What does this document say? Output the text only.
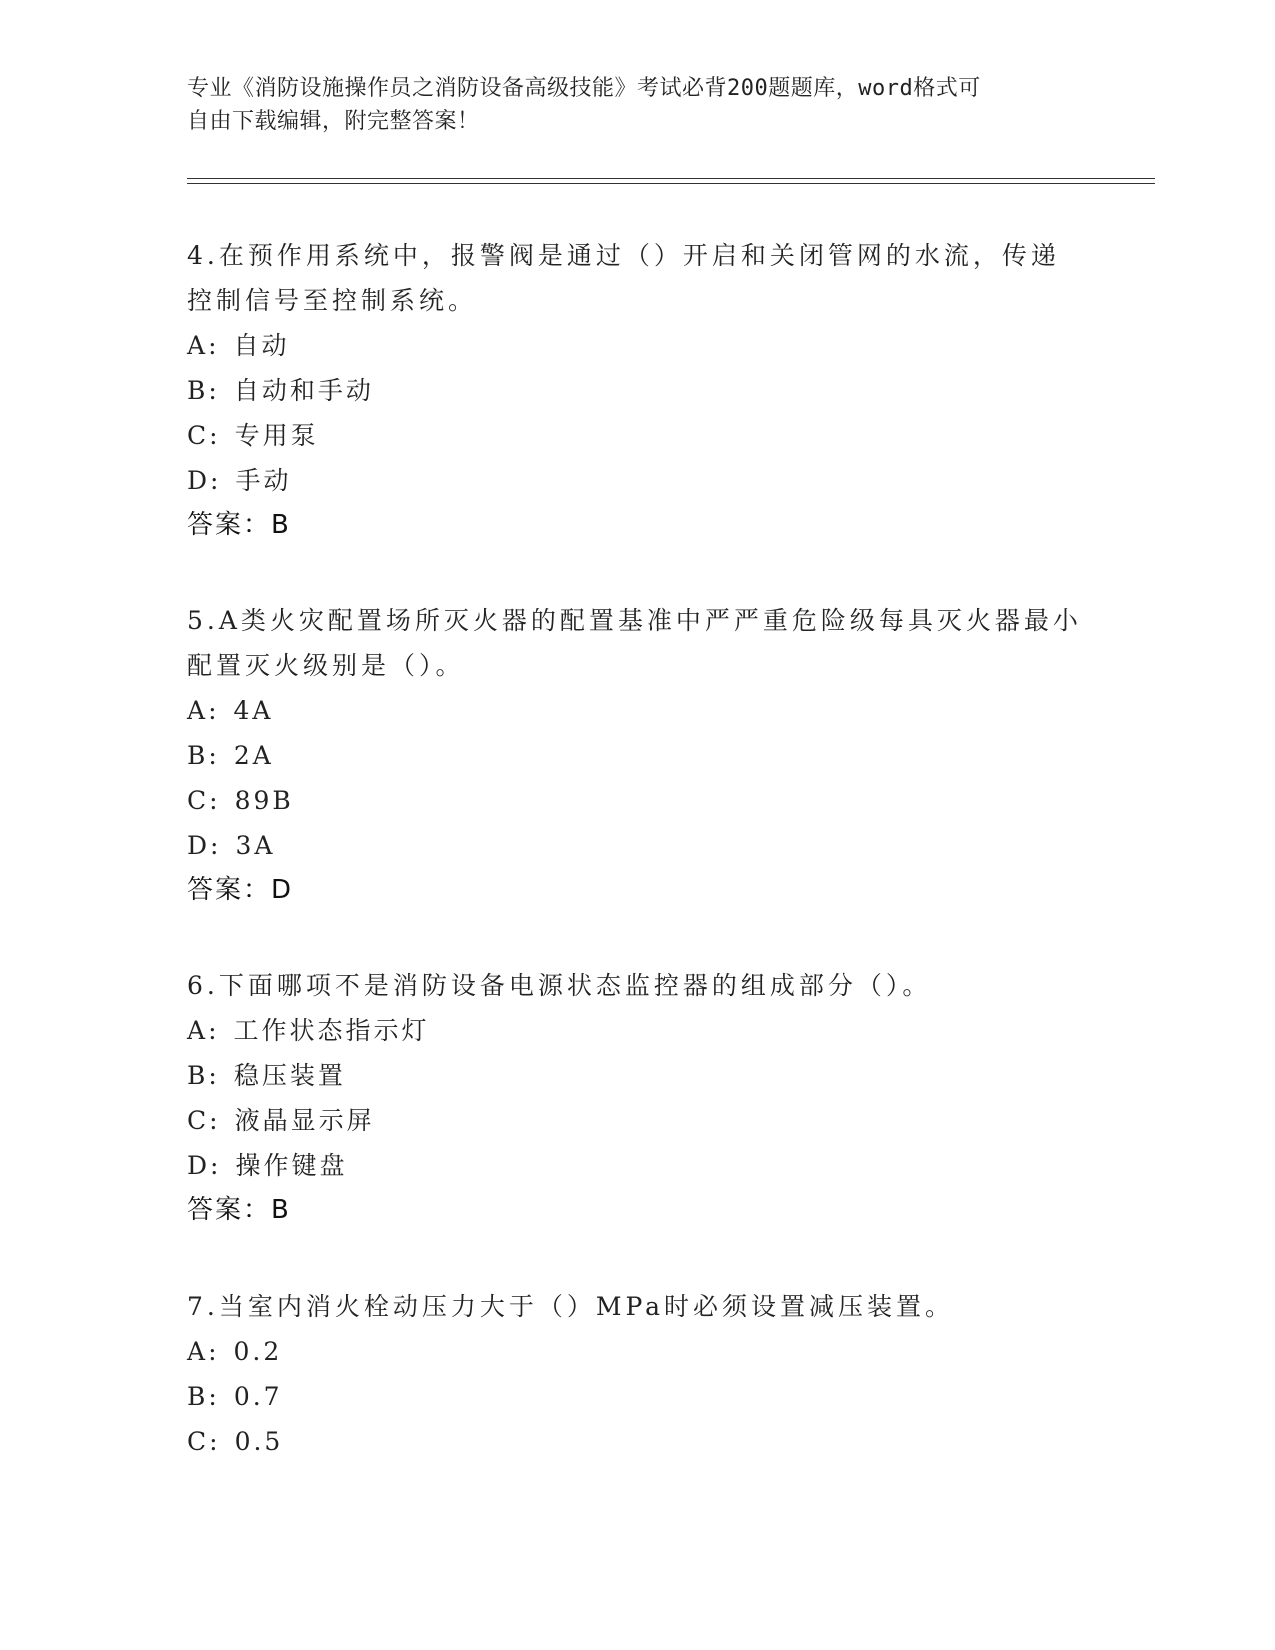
专业《消防设施操作员之消防设备高级技能》考试必背200题题库，word格式可
自由下载编辑，附完整答案！

4.在预作用系统中，报警阀是通过（）开启和关闭管网的水流，传递

控制信号至控制系统。

A: 自动

B: 自动和手动

C: 专用泵

D: 手动

答案：B

5.A类火灾配置场所灭火器的配置基准中严严重危险级每具灭火器最小

配置灭火级别是（）。

A: 4A

B: 2A

C: 89B

D: 3A

答案：D

6.下面哪项不是消防设备电源状态监控器的组成部分（）。

A: 工作状态指示灯

B: 稳压装置

C: 液晶显示屏

D: 操作键盘

答案：B

7.当室内消火栓动压力大于（）MPa时必须设置减压装置。

A: 0.2

B: 0.7

C: 0.5
